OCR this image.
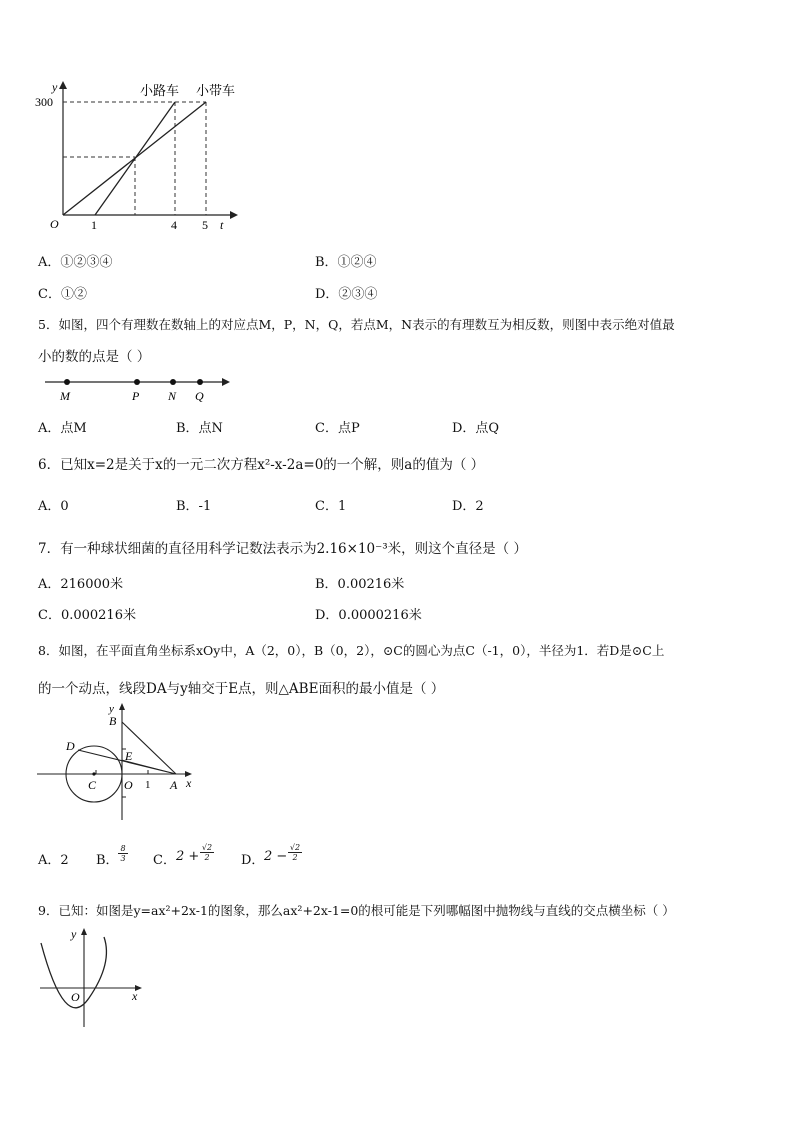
y
300
O	1	4 5 t
小路车 小带车
A．①②③④	B．①②④
C．①②	D．②③④
5．如图，四个有理数在数轴上的对应点M，P，N，Q，若点M，N表示的有理数互为相反数，则图中表示绝对值最
小的数的点是（ ）
M	P N Q
A．点M	B．点N	C．点P	D．点Q
6．已知x=2是关于x的一元二次方程x²-x-2a=0的一个解，则a的值为（ ）
A．0	B．-1	C．1	D．2
7．有一种球状细菌的直径用科学记数法表示为2.16×10⁻³米，则这个直径是（ ）
A．216000米	B．0.00216米
C．0.000216米	D．0.0000216米
8．如图，在平面直角坐标系xOy中，A（2，0），B（0，2），⊙C的圆心为点C（-1，0），半径为1．若D是⊙C上
的一个动点，线段DA与y轴交于E点，则△ABE面积的最小值是（ ）
y
B
D
E
C O 1 A x
A．2 B． $\frac{8}{3}$ C． $2 + \frac{√2}{2}$ D． $2 - \frac{√2}{2}$
9．已知：如图是y=ax²+2x-1的图象，那么ax²+2x-1=0的根可能是下列哪幅图中抛物线与直线的交点横坐标（ ）
y
x
O
